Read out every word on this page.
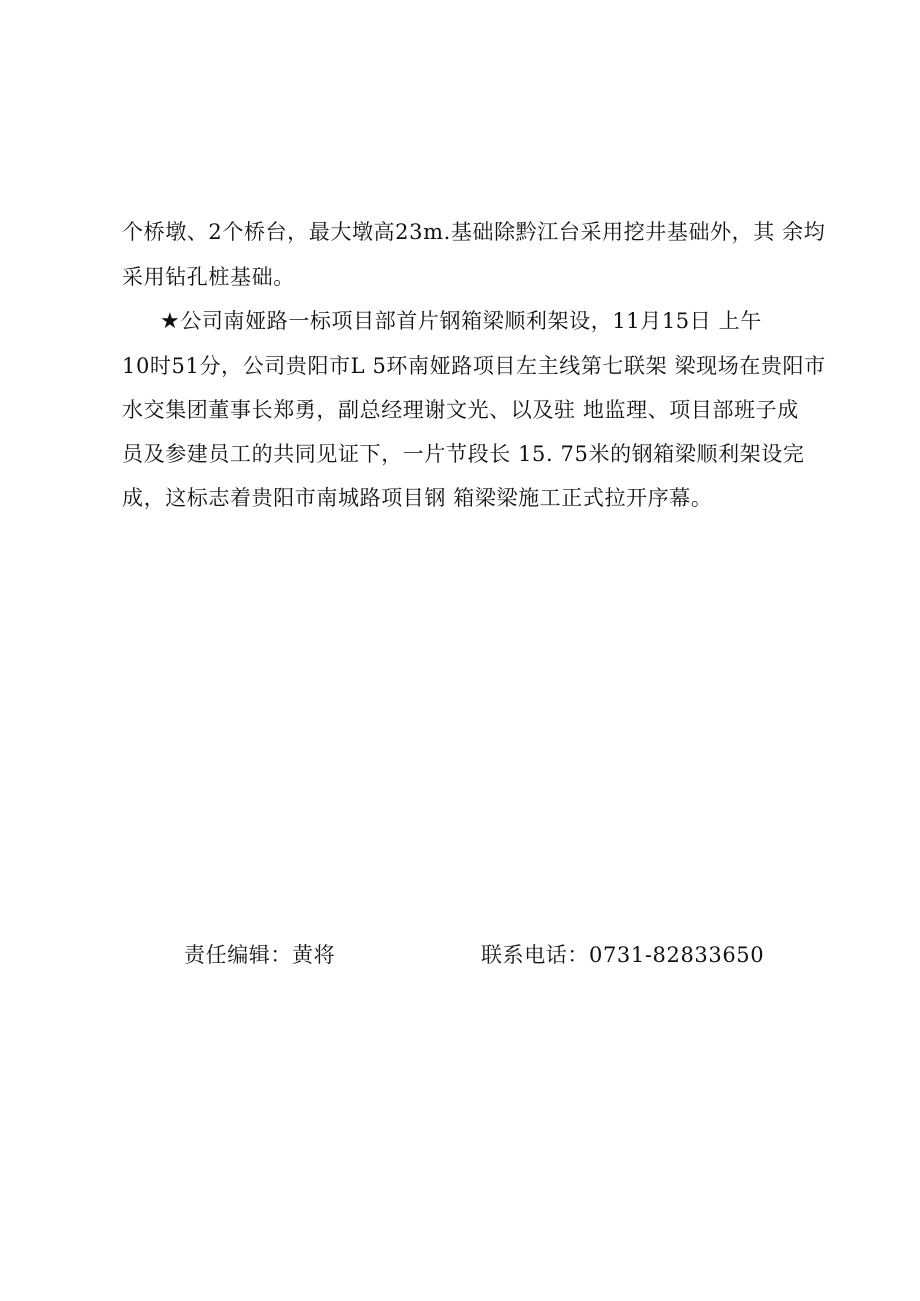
个桥墩、2个桥台，最大墩高23m.基础除黔江台采用挖井基础外，其 余均
采用钻孔桩基础。
★公司南娅路一标项目部首片钢箱梁顺利架设，11月15日 上午
10时51分，公司贵阳市L 5环南娅路项目左主线第七联架 梁现场在贵阳市
水交集团董事长郑勇，副总经理谢文光、以及驻 地监理、项目部班子成
员及参建员工的共同见证下，一片节段长 15. 75米的钢箱梁顺利架设完
成，这标志着贵阳市南城路项目钢 箱梁梁施工正式拉开序幕。
责任编辑：黄将	联系电话：0731-82833650
